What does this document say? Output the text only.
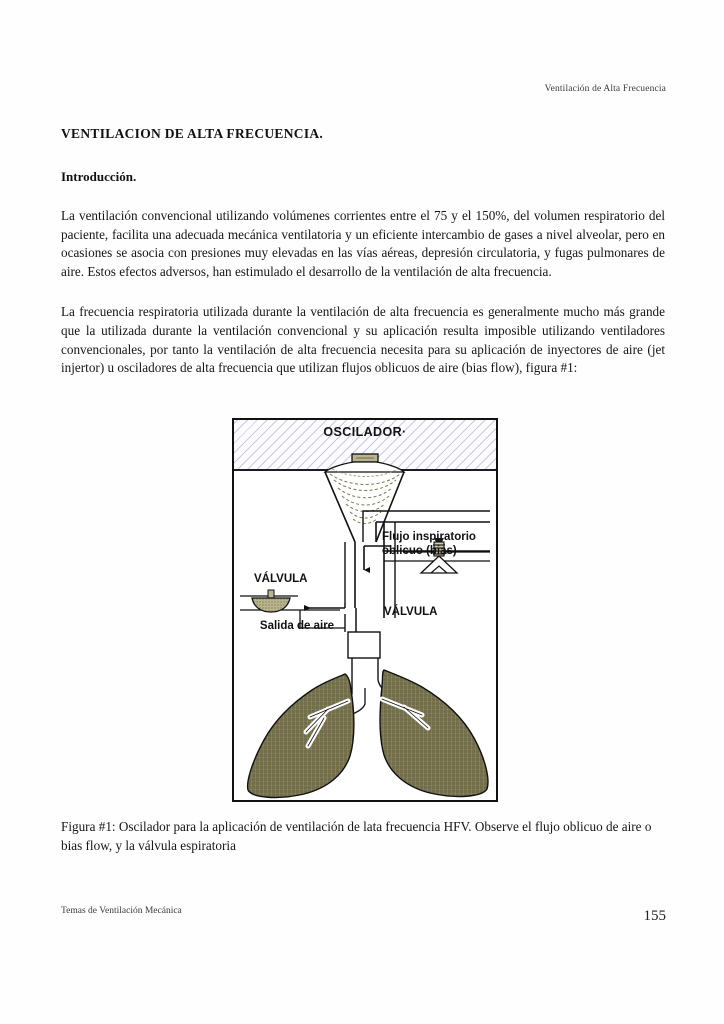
Ventilación de Alta Frecuencia
VENTILACION DE ALTA FRECUENCIA.
Introducción.

La ventilación convencional utilizando volúmenes corrientes entre el 75 y el 150%, del volumen respiratorio del paciente, facilita una adecuada mecánica ventilatoria y un eficiente intercambio de gases a nivel alveolar, pero en ocasiones se asocia con presiones muy elevadas en las vías aéreas, depresión circulatoria, y fugas pulmonares de aire. Estos efectos adversos, han estimulado el desarrollo de la ventilación de alta frecuencia.

La frecuencia respiratoria utilizada durante la ventilación de alta frecuencia es generalmente mucho más grande que la utilizada durante la ventilación convencional y su aplicación resulta imposible utilizando ventiladores convencionales, por tanto la ventilación de alta frecuencia necesita para su aplicación de inyectores de aire (jet injertor) u osciladores de alta frecuencia que utilizan flujos oblicuos de aire (bias flow), figura #1:

OSCILADOR·
Flujo inspiratorio oblicuo (bias)
VÁLVULA
VÁLVULA
Salida de aire
Figura #1: Oscilador para la aplicación de ventilación de lata frecuencia HFV. Observe el flujo oblicuo de aire o bias flow, y la válvula espiratoria
Temas de Ventilación Mecánica	155
